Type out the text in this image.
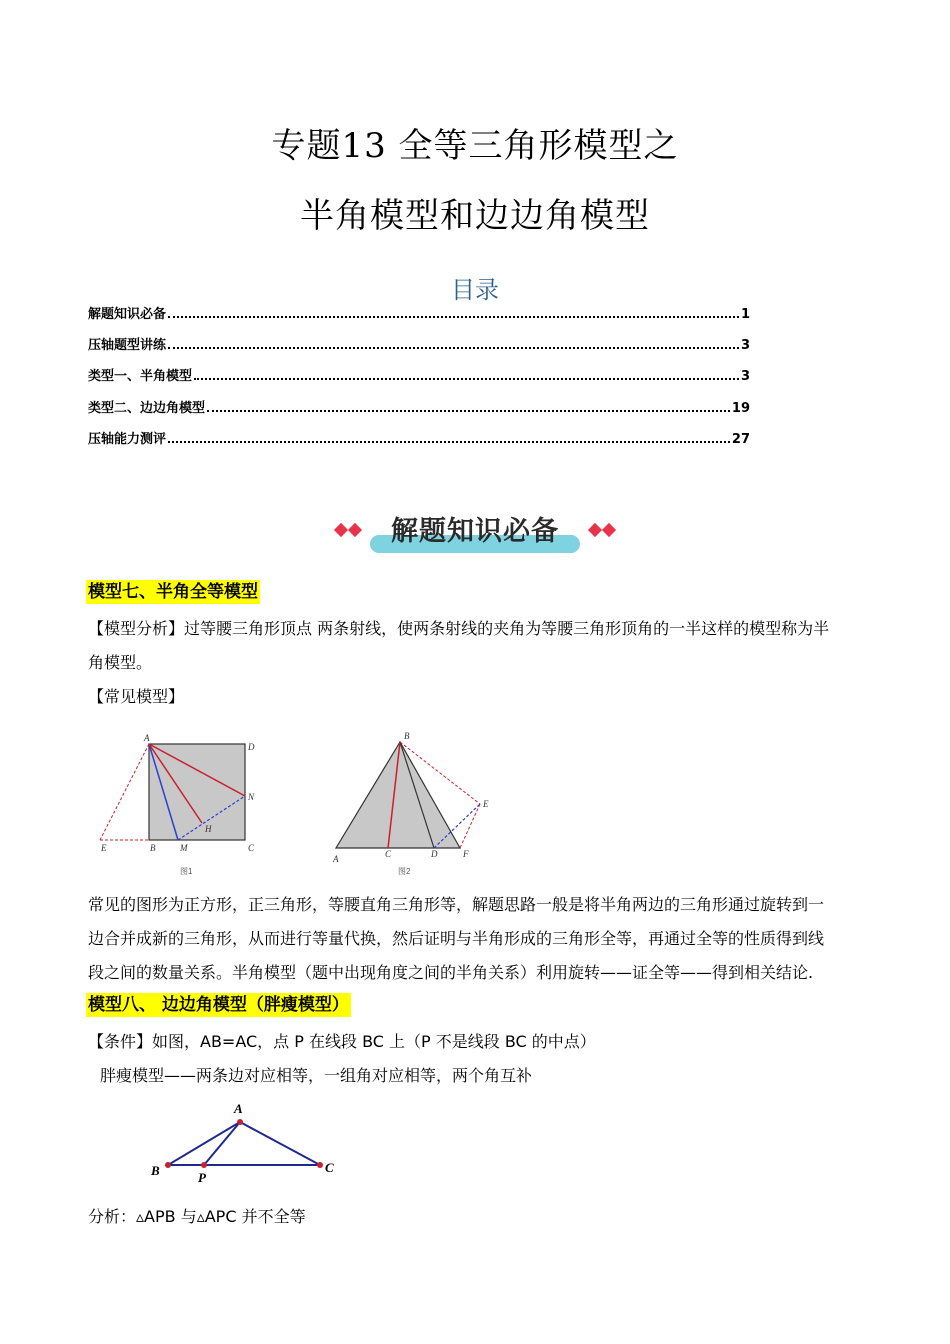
专题13 全等三角形模型之
半角模型和边边角模型
目录
解题知识必备	1
压轴题型讲练	3
类型一、半角模型	3
类型二、边边角模型	19
压轴能力测评	27
解题知识必备
模型七、半角全等模型
【模型分析】过等腰三角形顶点 两条射线，使两条射线的夹角为等腰三角形顶角的一半这样的模型称为半
角模型。
【常见模型】
A
D
N
H
E	B	M	C
图1
B
E
A	C	D	F
图2
常见的图形为正方形，正三角形，等腰直角三角形等，解题思路一般是将半角两边的三角形通过旋转到一
边合并成新的三角形，从而进行等量代换，然后证明与半角形成的三角形全等，再通过全等的性质得到线
段之间的数量关系。半角模型（题中出现角度之间的半角关系）利用旋转——证全等——得到相关结论.
模型八、 边边角模型（胖瘦模型）
【条件】如图，AB=AC，点 P 在线段 BC 上（P 不是线段 BC 的中点）
胖瘦模型——两条边对应相等，一组角对应相等，两个角互补
A
B	P
C
分析：▵APB 与▵APC 并不全等
